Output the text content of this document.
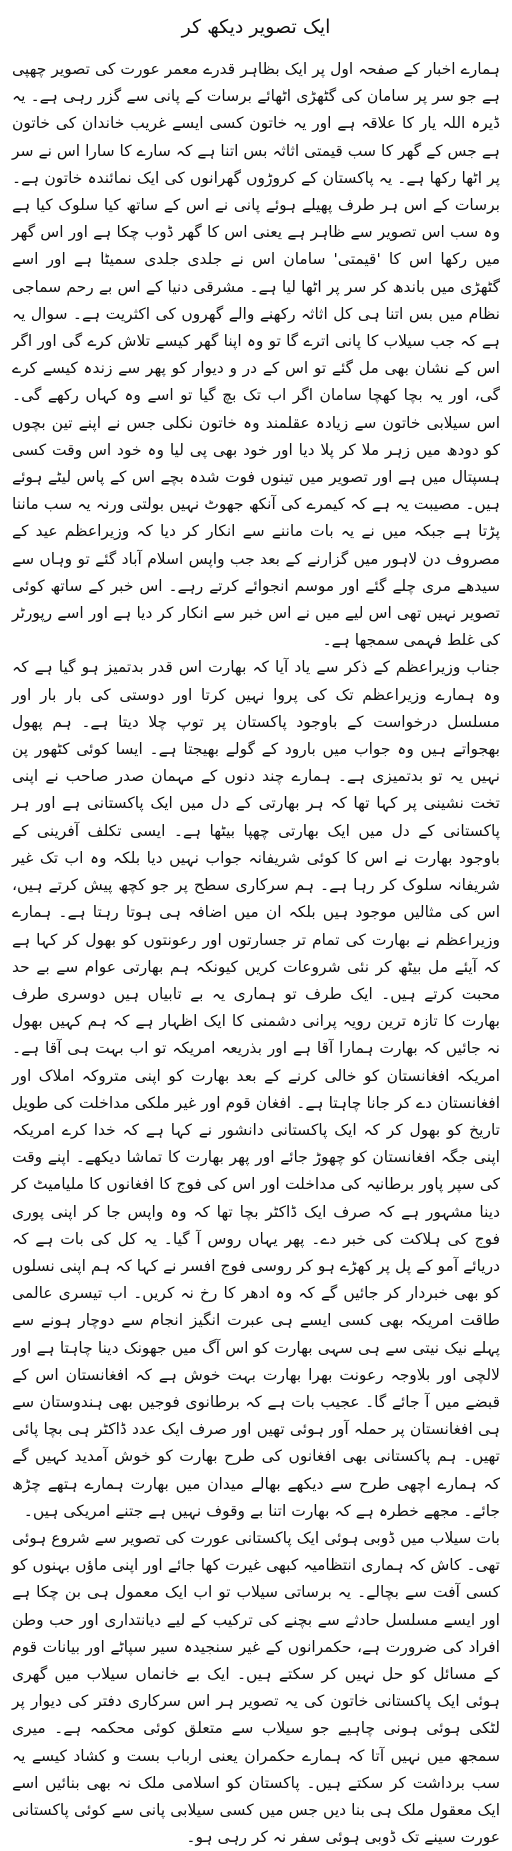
ایک تصویر دیکھ کر

ہمارے اخبار کے صفحہ اول پر ایک بظاہر قدرے معمر عورت کی تصویر چھپی ہے جو سر پر سامان کی گٹھڑی اٹھائے برسات کے پانی سے گزر رہی ہے۔ یہ ڈیرہ اللہ یار کا علاقہ ہے اور یہ خاتون کسی ایسے غریب خاندان کی خاتون ہے جس کے گھر کا سب قیمتی اثاثہ بس اتنا ہے کہ سارے کا سارا اس نے سر پر اٹھا رکھا ہے۔ یہ پاکستان کے کروڑوں گھرانوں کی ایک نمائندہ خاتون ہے۔ برسات کے اس ہر طرف پھیلے ہوئے پانی نے اس کے ساتھ کیا سلوک کیا ہے وہ سب اس تصویر سے ظاہر ہے یعنی اس کا گھر ڈوب چکا ہے اور اس گھر میں رکھا اس کا 'قیمتی' سامان اس نے جلدی جلدی سمیٹا ہے اور اسے گٹھڑی میں باندھ کر سر پر اٹھا لیا ہے۔ مشرقی دنیا کے اس بے رحم سماجی نظام میں بس اتنا ہی کل اثاثہ رکھنے والے گھروں کی اکثریت ہے۔ سوال یہ ہے کہ جب سیلاب کا پانی اترے گا تو وہ اپنا گھر کیسے تلاش کرے گی اور اگر اس کے نشان بھی مل گئے تو اس کے در و دیوار کو پھر سے زندہ کیسے کرے گی، اور یہ بچا کھچا سامان اگر اب تک بچ گیا تو اسے وہ کہاں رکھے گی۔ اس سیلابی خاتون سے زیادہ عقلمند وہ خاتون نکلی جس نے اپنے تین بچوں کو دودھ میں زہر ملا کر پلا دیا اور خود بھی پی لیا وہ خود اس وقت کسی ہسپتال میں ہے اور تصویر میں تینوں فوت شدہ بچے اس کے پاس لیٹے ہوئے ہیں۔ مصیبت یہ ہے کہ کیمرے کی آنکھ جھوٹ نہیں بولتی ورنہ یہ سب ماننا پڑتا ہے جبکہ میں نے یہ بات ماننے سے انکار کر دیا کہ وزیراعظم عید کے مصروف دن لاہور میں گزارنے کے بعد جب واپس اسلام آباد گئے تو وہاں سے سیدھے مری چلے گئے اور موسم انجوائے کرتے رہے۔ اس خبر کے ساتھ کوئی تصویر نہیں تھی اس لیے میں نے اس خبر سے انکار کر دیا ہے اور اسے رپورٹر کی غلط فہمی سمجھا ہے۔

جناب وزیراعظم کے ذکر سے یاد آیا کہ بھارت اس قدر بدتمیز ہو گیا ہے کہ وہ ہمارے وزیراعظم تک کی پروا نہیں کرتا اور دوستی کی بار بار اور مسلسل درخواست کے باوجود پاکستان پر توپ چلا دیتا ہے۔ ہم پھول بھجواتے ہیں وہ جواب میں بارود کے گولے بھیجتا ہے۔ ایسا کوئی کٹھور پن نہیں یہ تو بدتمیزی ہے۔ ہمارے چند دنوں کے مہمان صدر صاحب نے اپنی تخت نشینی پر کہا تھا کہ ہر بھارتی کے دل میں ایک پاکستانی ہے اور ہر پاکستانی کے دل میں ایک بھارتی چھپا بیٹھا ہے۔ ایسی تکلف آفرینی کے باوجود بھارت نے اس کا کوئی شریفانہ جواب نہیں دیا بلکہ وہ اب تک غیر شریفانہ سلوک کر رہا ہے۔ ہم سرکاری سطح پر جو کچھ پیش کرتے ہیں، اس کی مثالیں موجود ہیں بلکہ ان میں اضافہ ہی ہوتا رہتا ہے۔ ہمارے وزیراعظم نے بھارت کی تمام تر جسارتوں اور رعونتوں کو بھول کر کہا ہے کہ آیئے مل بیٹھ کر نئی شروعات کریں کیونکہ ہم بھارتی عوام سے بے حد محبت کرتے ہیں۔ ایک طرف تو ہماری یہ بے تابیاں ہیں دوسری طرف بھارت کا تازہ ترین رویہ پرانی دشمنی کا ایک اظہار ہے کہ ہم کہیں بھول نہ جائیں کہ بھارت ہمارا آقا ہے اور بذریعہ امریکہ تو اب بہت ہی آقا ہے۔ امریکہ افغانستان کو خالی کرنے کے بعد بھارت کو اپنی متروکہ املاک اور افغانستان دے کر جانا چاہتا ہے۔ افغان قوم اور غیر ملکی مداخلت کی طویل تاریخ کو بھول کر کہ ایک پاکستانی دانشور نے کہا ہے کہ خدا کرے امریکہ اپنی جگہ افغانستان کو چھوڑ جائے اور پھر بھارت کا تماشا دیکھے۔ اپنے وقت کی سپر پاور برطانیہ کی مداخلت اور اس کی فوج کا افغانوں کا ملیامیٹ کر دینا مشہور ہے کہ صرف ایک ڈاکٹر بچا تھا کہ وہ واپس جا کر اپنی پوری فوج کی ہلاکت کی خبر دے۔ پھر یہاں روس آ گیا۔ یہ کل کی بات ہے کہ دریائے آمو کے پل پر کھڑے ہو کر روسی فوج افسر نے کہا کہ ہم اپنی نسلوں کو بھی خبردار کر جائیں گے کہ وہ ادھر کا رخ نہ کریں۔ اب تیسری عالمی طاقت امریکہ بھی کسی ایسے ہی عبرت انگیز انجام سے دوچار ہونے سے پہلے نیک نیتی سے ہی سہی بھارت کو اس آگ میں جھونک دینا چاہتا ہے اور لالچی اور بلاوجہ رعونت بھرا بھارت بہت خوش ہے کہ افغانستان اس کے قبضے میں آ جائے گا۔ عجیب بات ہے کہ برطانوی فوجیں بھی ہندوستان سے ہی افغانستان پر حملہ آور ہوئی تھیں اور صرف ایک عدد ڈاکٹر ہی بچا پائی تھیں۔ ہم پاکستانی بھی افغانوں کی طرح بھارت کو خوش آمدید کہیں گے کہ ہمارے اچھی طرح سے دیکھے بھالے میدان میں بھارت ہمارے ہتھے چڑھ جائے۔ مجھے خطرہ ہے کہ بھارت اتنا بے وقوف نہیں ہے جتنے امریکی ہیں۔

بات سیلاب میں ڈوبی ہوئی ایک پاکستانی عورت کی تصویر سے شروع ہوئی تھی۔ کاش کہ ہماری انتظامیہ کبھی غیرت کھا جائے اور اپنی ماؤں بہنوں کو کسی آفت سے بچالے۔ یہ برساتی سیلاب تو اب ایک معمول ہی بن چکا ہے اور ایسے مسلسل حادثے سے بچنے کی ترکیب کے لیے دیانتداری اور حب وطن افراد کی ضرورت ہے، حکمرانوں کے غیر سنجیدہ سیر سپاٹے اور بیانات قوم کے مسائل کو حل نہیں کر سکتے ہیں۔ ایک بے خانماں سیلاب میں گھری ہوئی ایک پاکستانی خاتون کی یہ تصویر ہر اس سرکاری دفتر کی دیوار پر لٹکی ہوئی ہونی چاہیے جو سیلاب سے متعلق کوئی محکمہ ہے۔ میری سمجھ میں نہیں آتا کہ ہمارے حکمران یعنی ارباب بست و کشاد کیسے یہ سب برداشت کر سکتے ہیں۔ پاکستان کو اسلامی ملک نہ بھی بنائیں اسے ایک معقول ملک ہی بنا دیں جس میں کسی سیلابی پانی سے کوئی پاکستانی عورت سینے تک ڈوبی ہوئی سفر نہ کر رہی ہو۔
